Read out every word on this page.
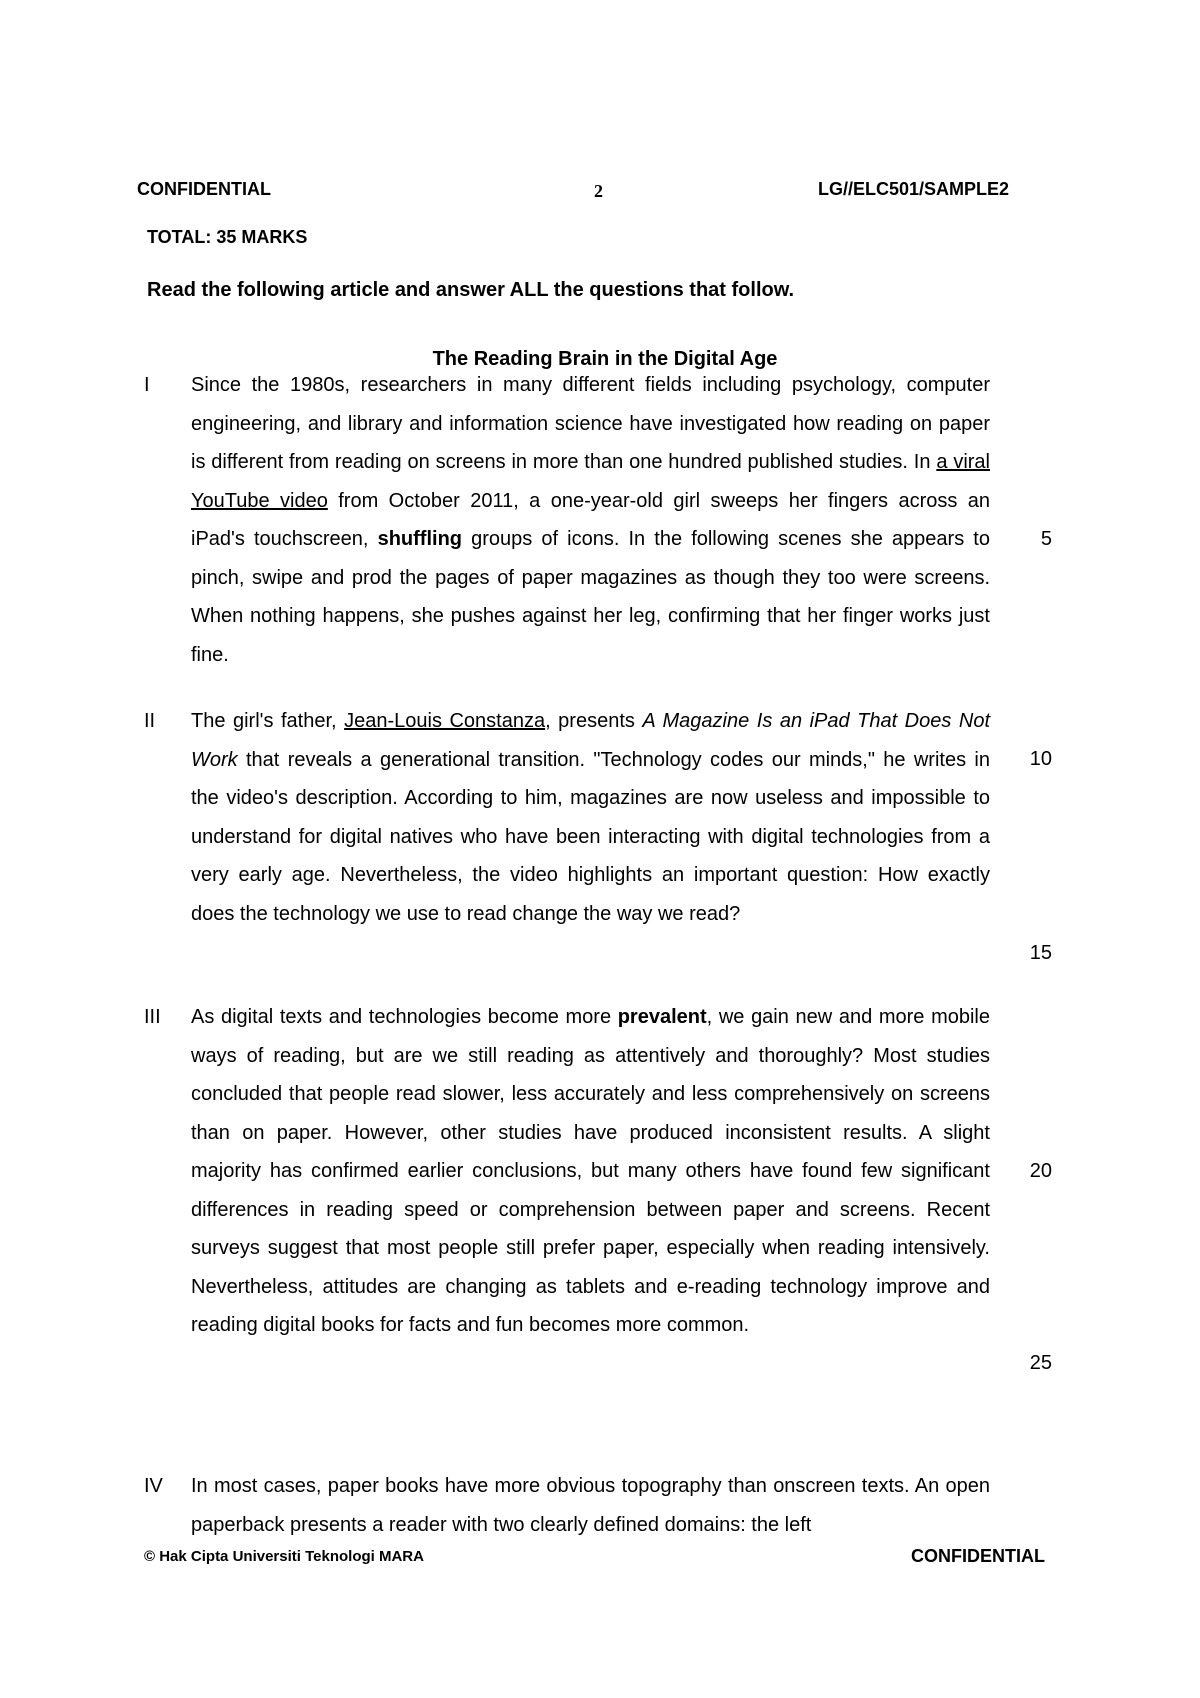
CONFIDENTIAL	2	LG//ELC501/SAMPLE2
TOTAL: 35 MARKS
Read the following article and answer ALL the questions that follow.
The Reading Brain in the Digital Age
I	Since the 1980s, researchers in many different fields including psychology, computer engineering, and library and information science have investigated how reading on paper is different from reading on screens in more than one hundred published studies. In a viral YouTube video from October 2011, a one-year-old girl sweeps her fingers across an iPad's touchscreen, shuffling groups of icons. In the following scenes she appears to pinch, swipe and prod the pages of paper magazines as though they too were screens. When nothing happens, she pushes against her leg, confirming that her finger works just fine.

II	The girl's father, Jean-Louis Constanza, presents A Magazine Is an iPad That Does Not Work that reveals a generational transition. "Technology codes our minds," he writes in the video's description. According to him, magazines are now useless and impossible to understand for digital natives who have been interacting with digital technologies from a very early age. Nevertheless, the video highlights an important question: How exactly does the technology we use to read change the way we read?

III	As digital texts and technologies become more prevalent, we gain new and more mobile ways of reading, but are we still reading as attentively and thoroughly? Most studies concluded that people read slower, less accurately and less comprehensively on screens than on paper. However, other studies have produced inconsistent results. A slight majority has confirmed earlier conclusions, but many others have found few significant differences in reading speed or comprehension between paper and screens. Recent surveys suggest that most people still prefer paper, especially when reading intensively. Nevertheless, attitudes are changing as tablets and e-reading technology improve and reading digital books for facts and fun becomes more common.

IV	In most cases, paper books have more obvious topography than onscreen texts. An open paperback presents a reader with two clearly defined domains: the left

5
10
15
20
25
© Hak Cipta Universiti Teknologi MARA	CONFIDENTIAL
